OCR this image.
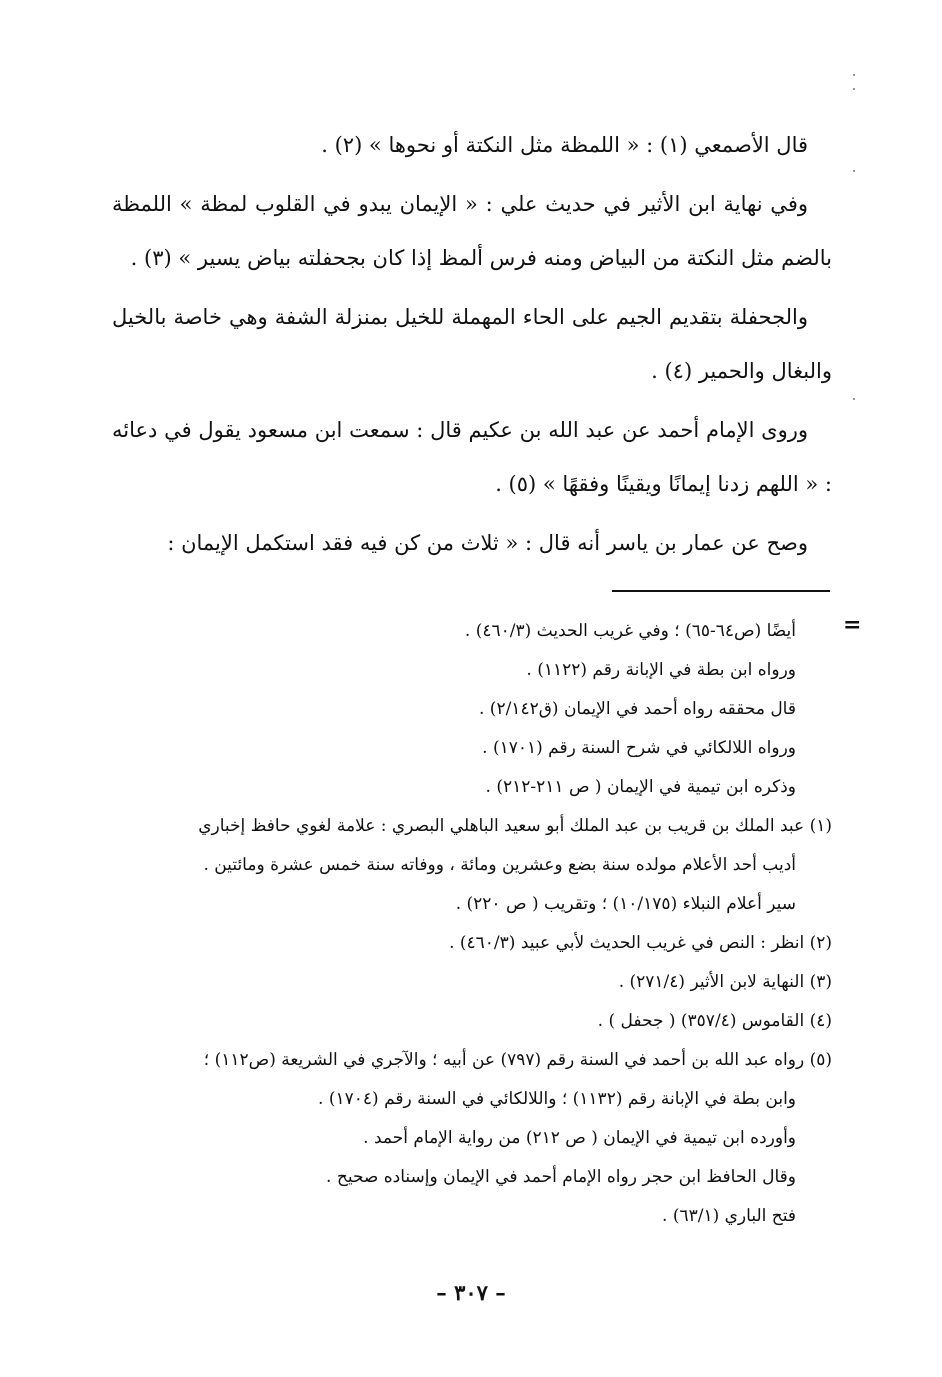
قال الأصمعي (١) : « اللمظة مثل النكتة أو نحوها » (٢) .

وفي نهاية ابن الأثير في حديث علي : « الإيمان يبدو في القلوب لمظة » اللمظة بالضم مثل النكتة من البياض ومنه فرس ألمظ إذا كان بجحفلته بياض يسير » (٣) .

والجحفلة بتقديم الجيم على الحاء المهملة للخيل بمنزلة الشفة وهي خاصة بالخيل والبغال والحمير (٤) .

وروى الإمام أحمد عن عبد الله بن عكيم قال : سمعت ابن مسعود يقول في دعائه : « اللهم زدنا إيمانًا ويقينًا وفقهًا » (٥) .

وصح عن عمار بن ياسر أنه قال : « ثلاث من كن فيه فقد استكمل الإيمان :

=

أيضًا (ص٦٤-٦٥) ؛ وفي غريب الحديث (٤٦٠/٣) .

ورواه ابن بطة في الإبانة رقم (١١٢٢) .

قال محققه رواه أحمد في الإيمان (ق٢/١٤٢) .

ورواه اللالكائي في شرح السنة رقم (١٧٠١) .

وذكره ابن تيمية في الإيمان ( ص ٢١١-٢١٢) .

(١) عبد الملك بن قريب بن عبد الملك أبو سعيد الباهلي البصري : علامة لغوي حافظ إخباري

أديب أحد الأعلام مولده سنة بضع وعشرين ومائة ، ووفاته سنة خمس عشرة ومائتين .

سير أعلام النبلاء (١٠/١٧٥) ؛ وتقريب ( ص ٢٢٠) .

(٢) انظر : النص في غريب الحديث لأبي عبيد (٤٦٠/٣) .

(٣) النهاية لابن الأثير (٢٧١/٤) .

(٤) القاموس (٣٥٧/٤) ( جحفل ) .

(٥) رواه عبد الله بن أحمد في السنة رقم (٧٩٧) عن أبيه ؛ والآجري في الشريعة (ص١١٢) ؛

وابن بطة في الإبانة رقم (١١٣٢) ؛ واللالكائي في السنة رقم (١٧٠٤) .

وأورده ابن تيمية في الإيمان ( ص ٢١٢) من رواية الإمام أحمد .

وقال الحافظ ابن حجر رواه الإمام أحمد في الإيمان وإسناده صحيح .

فتح الباري (٦٣/١) .

– ٣٠٧ –
